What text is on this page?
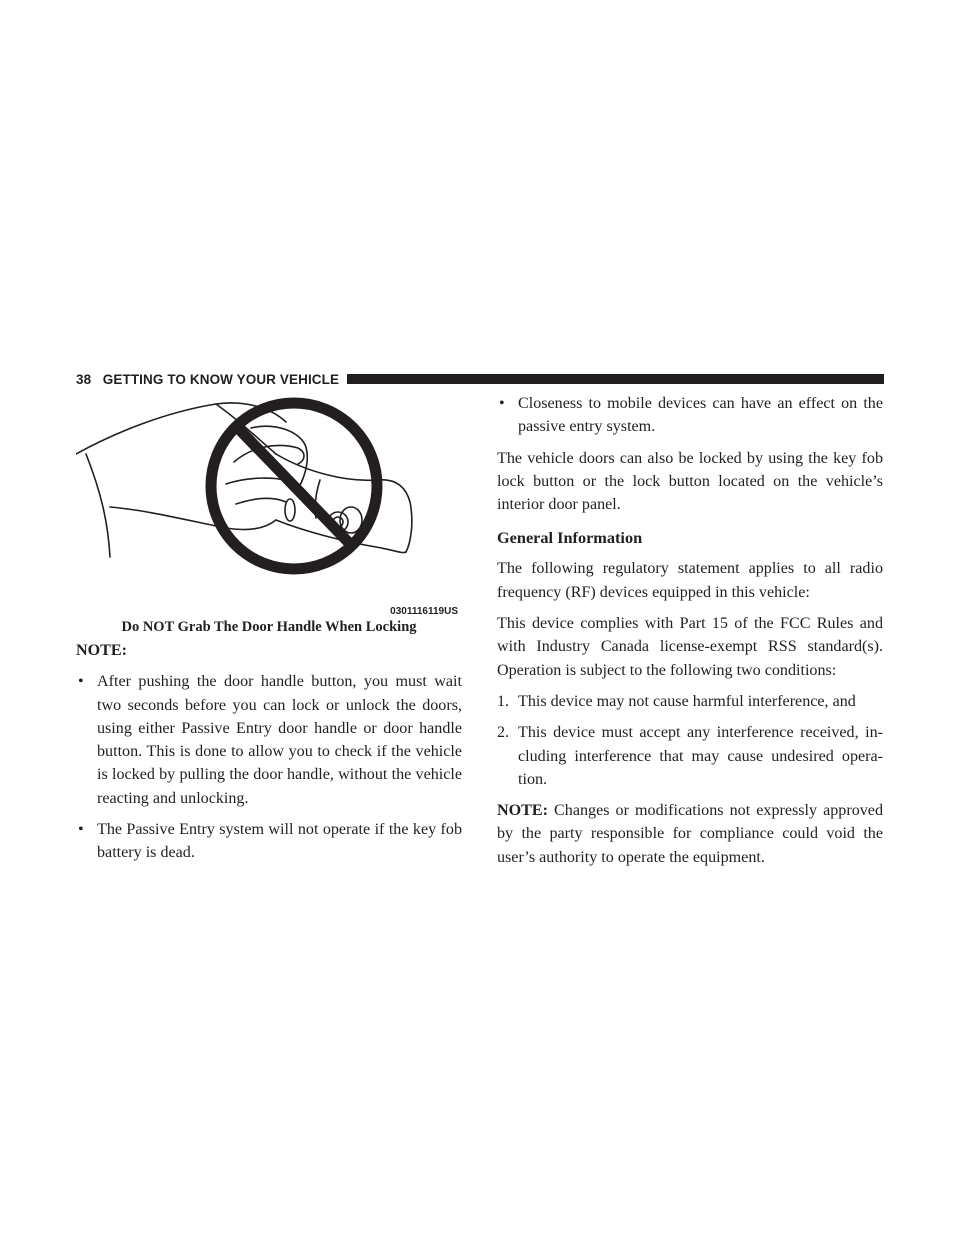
38 GETTING TO KNOW YOUR VEHICLE
0301116119US
Do NOT Grab The Door Handle When Locking

NOTE:

• After pushing the door handle button, you must wait two seconds before you can lock or unlock the doors, using either Passive Entry door handle or door handle button. This is done to allow you to check if the vehicle is locked by pulling the door handle, without the vehicle reacting and unlocking.
• The Passive Entry system will not operate if the key fob battery is dead.
• Closeness to mobile devices can have an effect on the passive entry system.

The vehicle doors can also be locked by using the key fob lock button or the lock button located on the vehicle’s interior door panel.

General Information

The following regulatory statement applies to all radio frequency (RF) devices equipped in this vehicle:

This device complies with Part 15 of the FCC Rules and with Industry Canada license-exempt RSS standard(s). Operation is subject to the following two conditions:

1. This device may not cause harmful interference, and
2. This device must accept any interference received, in-cluding interference that may cause undesired opera-tion.

NOTE: Changes or modifications not expressly approved by the party responsible for compliance could void the user’s authority to operate the equipment.
